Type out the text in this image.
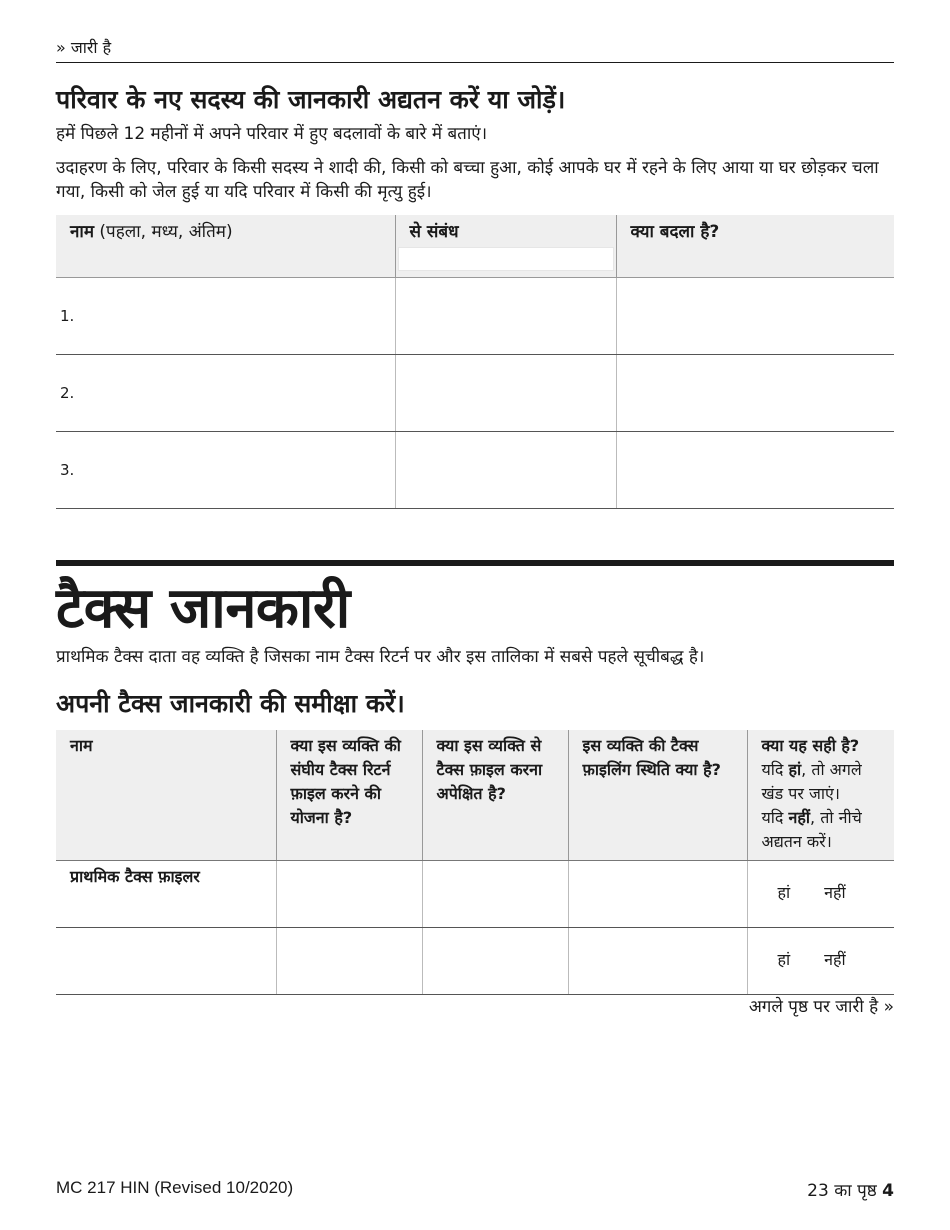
» जारी है
परिवार के नए सदस्य की जानकारी अद्यतन करें या जोड़ें।
हमें पिछले 12 महीनों में अपने परिवार में हुए बदलावों के बारे में बताएं।
उदाहरण के लिए, परिवार के किसी सदस्य ने शादी की, किसी को बच्चा हुआ, कोई आपके घर में रहने के लिए आया या घर छोड़कर चला गया, किसी को जेल हुई या यदि परिवार में किसी की मृत्यु हुई।
नाम (पहला, मध्य, अंतिम)	से संबंध	क्या बदला है?
1.		
2.		
3.		
टैक्स जानकारी
प्राथमिक टैक्स दाता वह व्यक्ति है जिसका नाम टैक्स रिटर्न पर और इस तालिका में सबसे पहले सूचीबद्ध है।
अपनी टैक्स जानकारी की समीक्षा करें।
नाम	क्या इस व्यक्ति की संघीय टैक्स रिटर्न फ़ाइल करने की योजना है?	क्या इस व्यक्ति से टैक्स फ़ाइल करना अपेक्षित है?	इस व्यक्ति की टैक्स फ़ाइलिंग स्थिति क्या है?	क्या यह सही है?
यदि हां, तो अगले खंड पर जाएं।
यदि नहीं, तो नीचे अद्यतन करें।
प्राथमिक टैक्स फ़ाइलर				हां नहीं

				हां नहीं
अगले पृष्ठ पर जारी है »
MC 217 HIN (Revised 10/2020)	23 का पृष्ठ 4
